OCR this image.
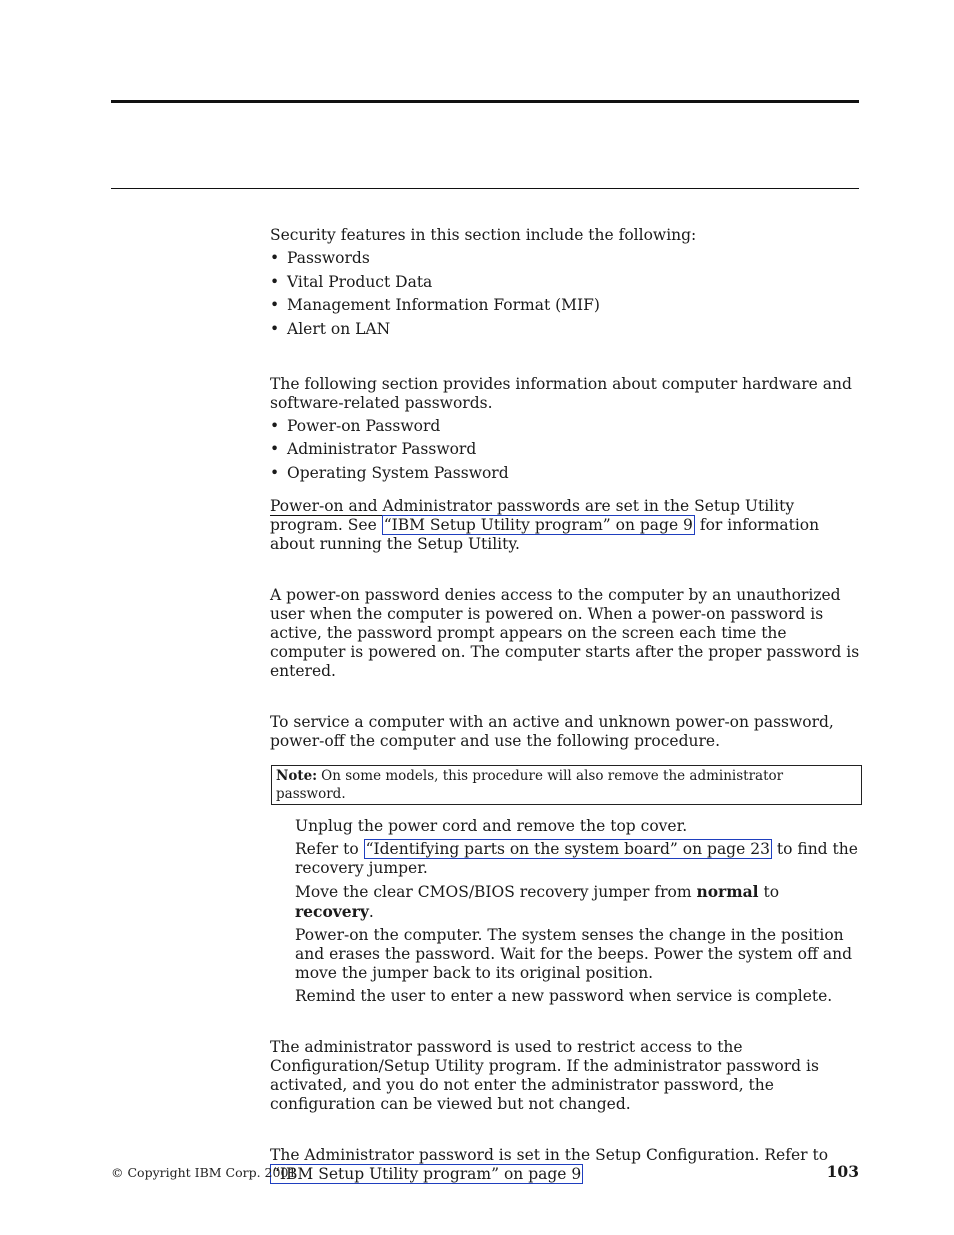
Security features in this section include the following:

• Passwords
• Vital Product Data
• Management Information Format (MIF)
• Alert on LAN

The following section provides information about computer hardware and software-related passwords.

• Power-on Password
• Administrator Password
• Operating System Password

Power-on and Administrator passwords are set in the Setup Utility program. See “IBM Setup Utility program” on page 9 for information about running the Setup Utility.

A power-on password denies access to the computer by an unauthorized user when the computer is powered on. When a power-on password is active, the password prompt appears on the screen each time the computer is powered on. The computer starts after the proper password is entered.

To service a computer with an active and unknown power-on password, power-off the computer and use the following procedure.

Note: On some models, this procedure will also remove the administrator password.
Unplug the power cord and remove the top cover.
Refer to “Identifying parts on the system board” on page 23 to find the recovery jumper.
Move the clear CMOS/BIOS recovery jumper from normal to recovery.
Power-on the computer. The system senses the change in the position and erases the password. Wait for the beeps. Power the system off and move the jumper back to its original position.
Remind the user to enter a new password when service is complete.

The administrator password is used to restrict access to the Configuration/Setup Utility program. If the administrator password is activated, and you do not enter the administrator password, the configuration can be viewed but not changed.

The Administrator password is set in the Setup Configuration. Refer to “IBM Setup Utility program” on page 9

© Copyright IBM Corp. 2001	103
